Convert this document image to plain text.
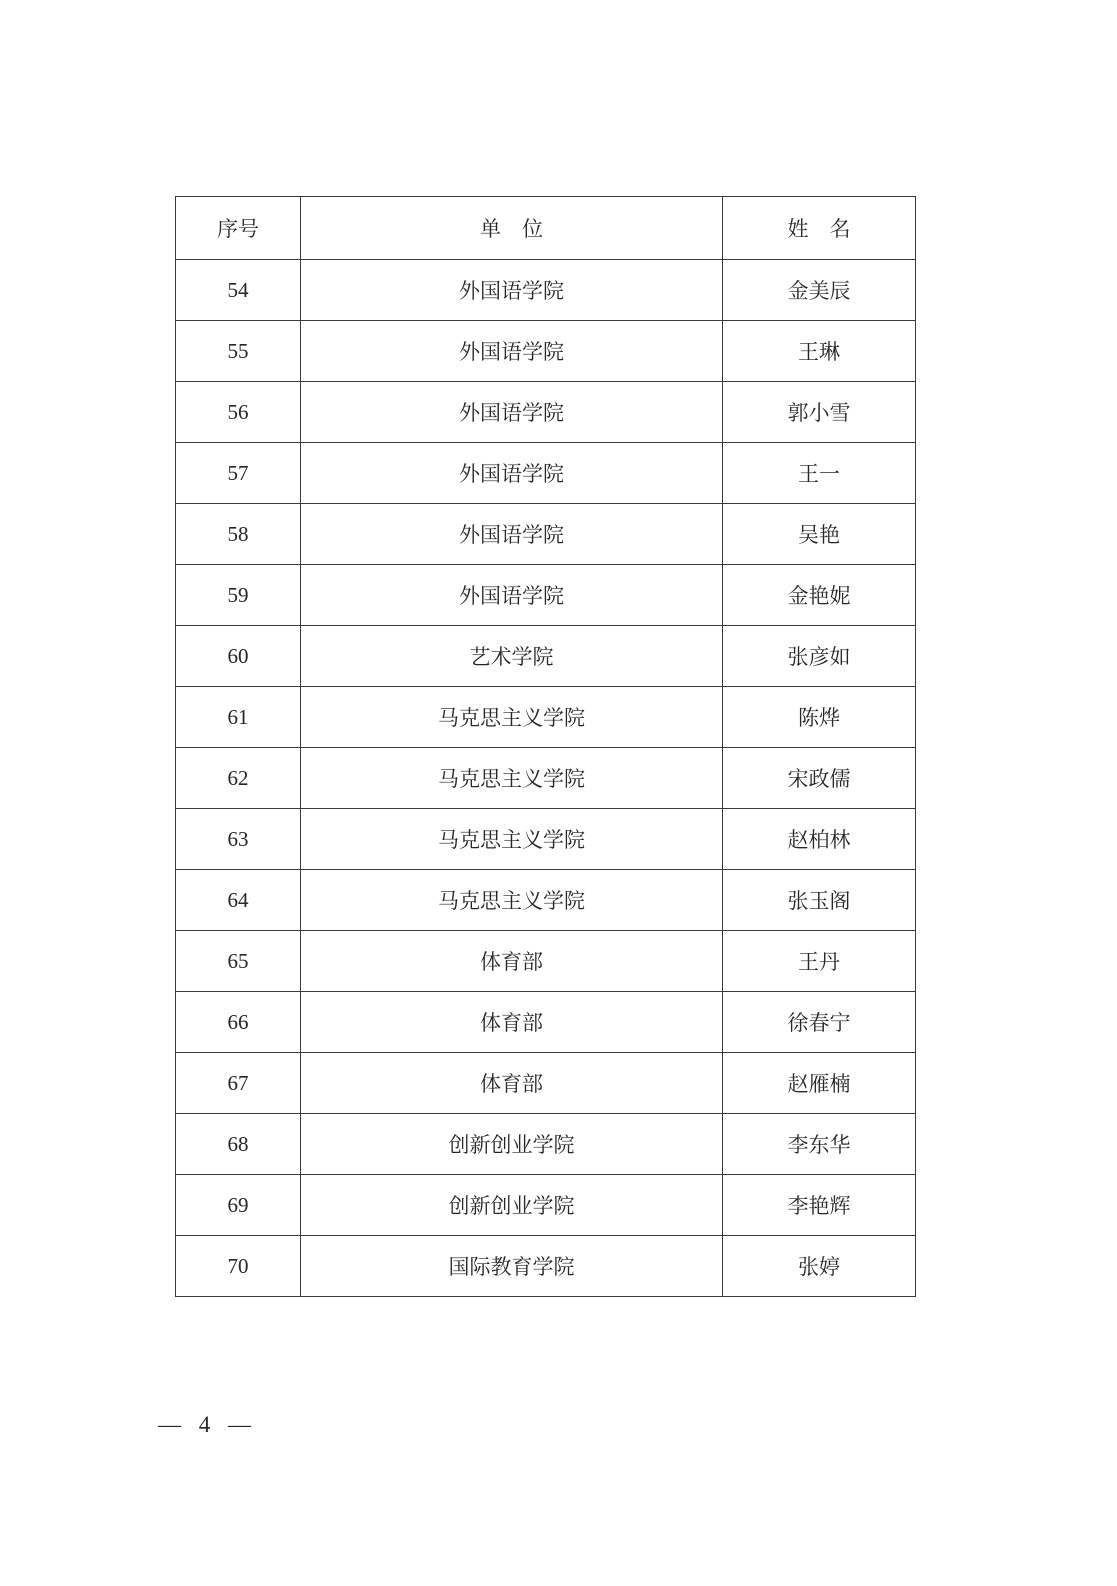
序号	单　位	姓　名
54	外国语学院	金美辰
55	外国语学院	王琳
56	外国语学院	郭小雪
57	外国语学院	王一
58	外国语学院	吴艳
59	外国语学院	金艳妮
60	艺术学院	张彦如
61	马克思主义学院	陈烨
62	马克思主义学院	宋政儒
63	马克思主义学院	赵柏林
64	马克思主义学院	张玉阁
65	体育部	王丹
66	体育部	徐春宁
67	体育部	赵雁楠
68	创新创业学院	李东华
69	创新创业学院	李艳辉
70	国际教育学院	张婷
— 4 —
